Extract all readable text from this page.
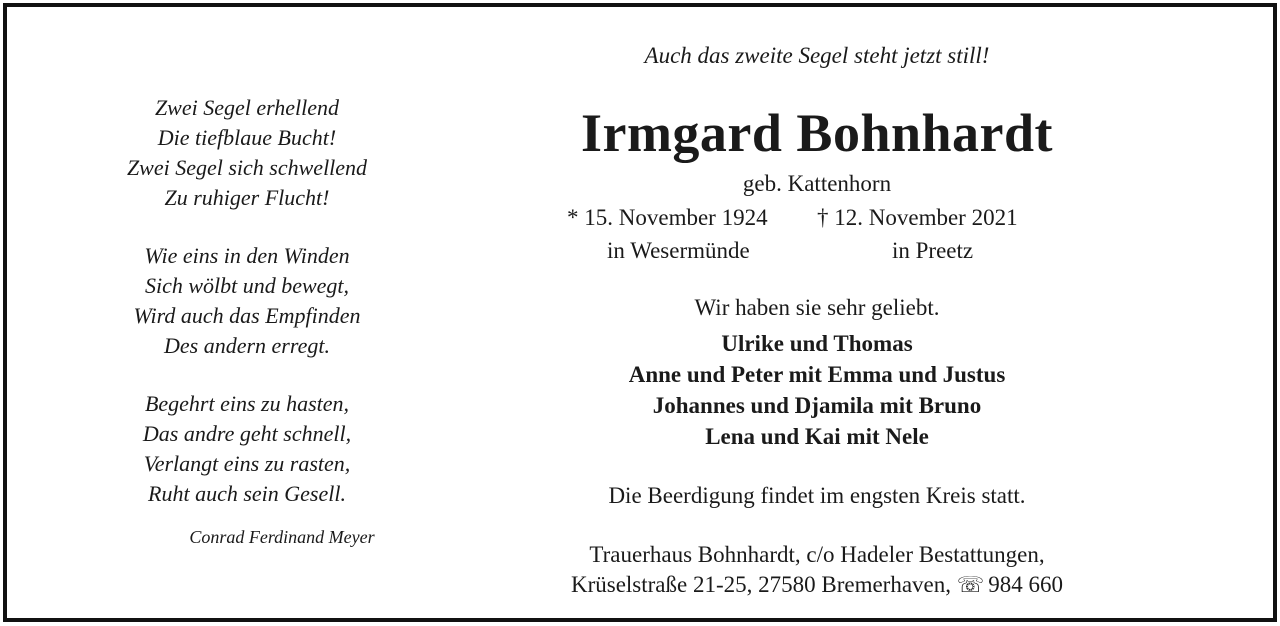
Zwei Segel erhellend
Die tiefblaue Bucht!
Zwei Segel sich schwellend
Zu ruhiger Flucht!
Wie eins in den Winden
Sich wölbt und bewegt,
Wird auch das Empfinden
Des andern erregt.
Begehrt eins zu hasten,
Das andre geht schnell,
Verlangt eins zu rasten,
Ruht auch sein Gesell.
Conrad Ferdinand Meyer
Auch das zweite Segel steht jetzt still!
Irmgard Bohnhardt
geb. Kattenhorn
* 15. November 1924 † 12. November 2021
in Wesermünde	in Preetz
Wir haben sie sehr geliebt.
Ulrike und Thomas
Anne und Peter mit Emma und Justus
Johannes und Djamila mit Bruno
Lena und Kai mit Nele
Die Beerdigung findet im engsten Kreis statt.
Trauerhaus Bohnhardt, c/o Hadeler Bestattungen,
Krüselstraße 21-25, 27580 Bremerhaven, ☏ 984 660
